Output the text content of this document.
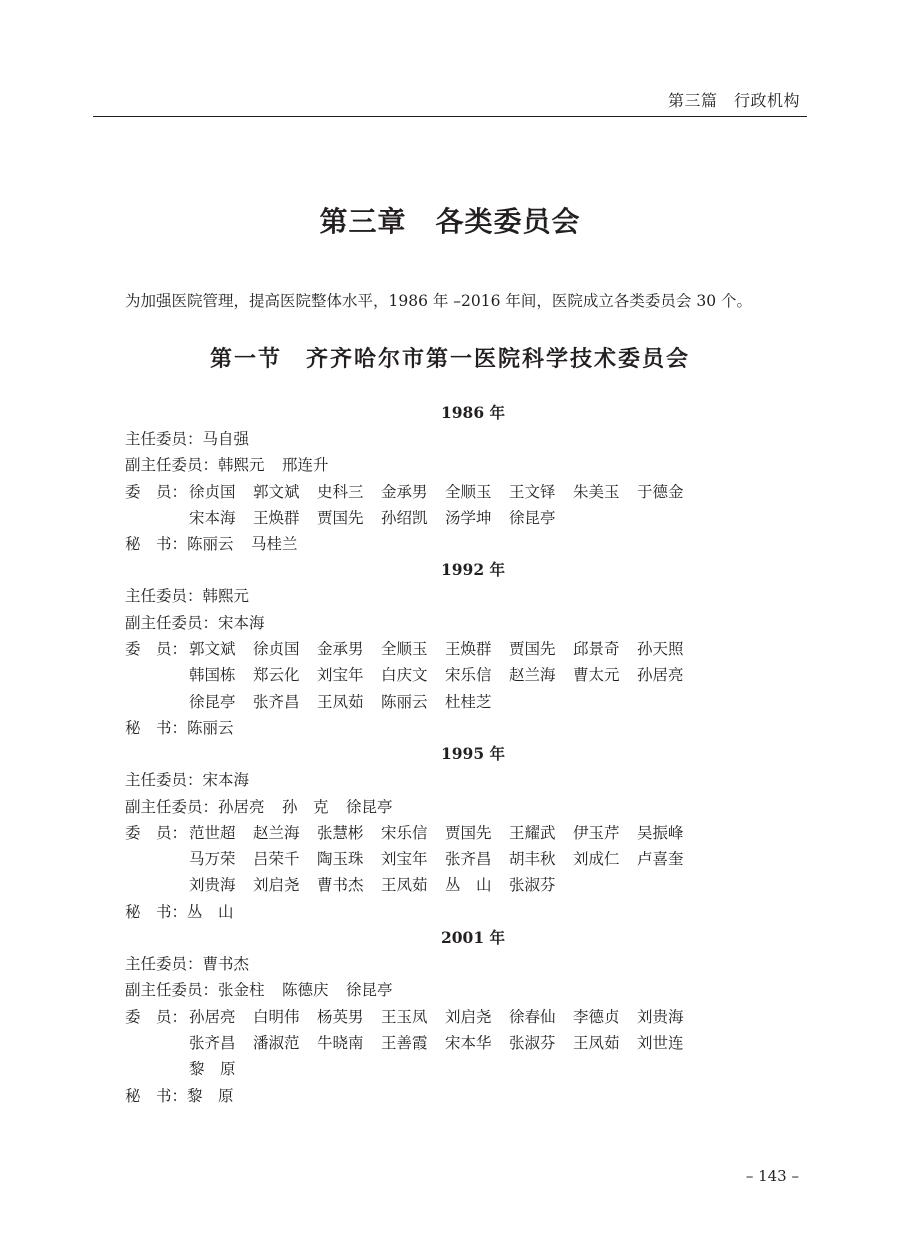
第三篇　行政机构
第三章　各类委员会
为加强医院管理，提高医院整体水平，1986 年 –2016 年间，医院成立各类委员会 30 个。
第一节　齐齐哈尔市第一医院科学技术委员会
1986 年
主任委员： 马自强
副主任委员： 韩熙元	邢连升
委　员： 徐贞国	郭文斌	史科三	金承男	全顺玉	王文铎	朱美玉	于德金
宋本海	王焕群	贾国先	孙绍凯	汤学坤	徐昆亭
秘　书： 陈丽云	马桂兰
1992 年
主任委员： 韩熙元
副主任委员： 宋本海
委　员： 郭文斌	徐贞国	金承男	全顺玉	王焕群	贾国先	邱景奇	孙天照
韩国栋	郑云化	刘宝年	白庆文	宋乐信	赵兰海	曹太元	孙居亮
徐昆亭	张齐昌	王凤茹	陈丽云	杜桂芝
秘　书： 陈丽云
1995 年
主任委员： 宋本海
副主任委员： 孙居亮	孙　克	徐昆亭
委　员： 范世超	赵兰海	张慧彬	宋乐信	贾国先	王耀武	伊玉芹	吴振峰
马万荣	吕荣千	陶玉珠	刘宝年	张齐昌	胡丰秋	刘成仁	卢喜奎
刘贵海	刘启尧	曹书杰	王凤茹	丛　山	张淑芬
秘　书： 丛　山
2001 年
主任委员： 曹书杰
副主任委员： 张金柱	陈德庆	徐昆亭
委　员： 孙居亮	白明伟	杨英男	王玉凤	刘启尧	徐春仙	李德贞	刘贵海
张齐昌	潘淑范	牛晓南	王善霞	宋本华	张淑芬	王凤茹	刘世连
黎　原
秘　书： 黎　原
– 143 –
